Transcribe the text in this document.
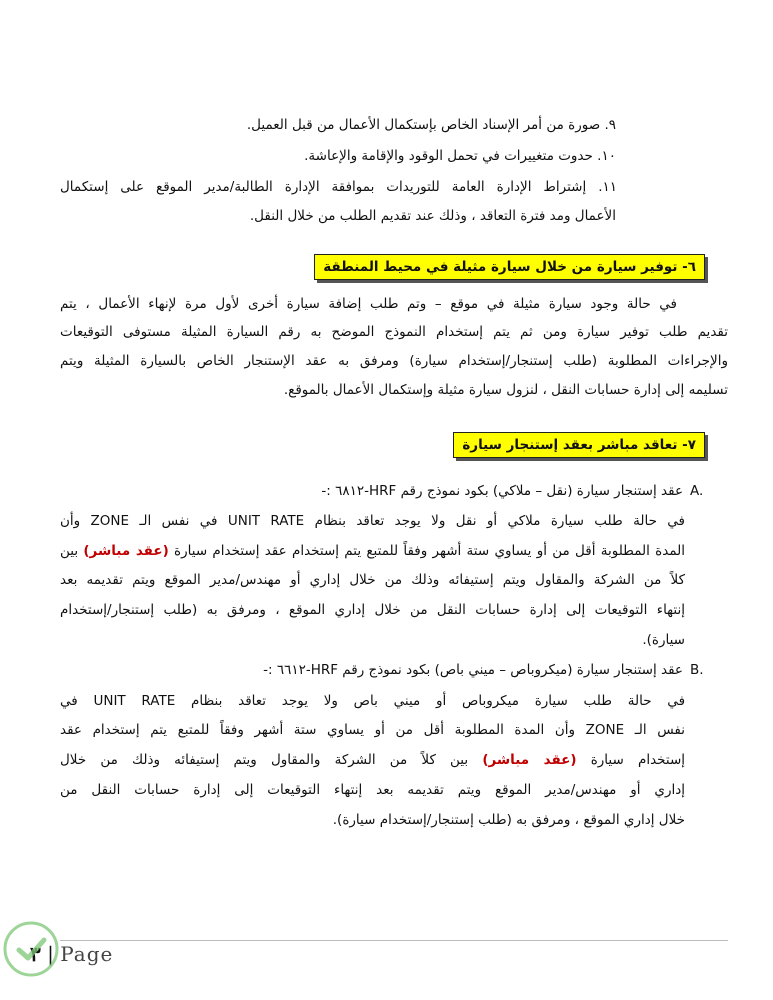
٩. صورة من أمر الإسناد الخاص بإستكمال الأعمال من قبل العميل.
١٠. حدوت متغييرات في تحمل الوقود والإقامة والإعاشة.
١١. إشتراط الإدارة العامة للتوريدات بموافقة الإدارة الطالبة/مدير الموقع على إستكمال
الأعمال ومد فترة التعاقد ، وذلك عند تقديم الطلب من خلال النقل.
٦- توفير سيارة من خلال سيارة مثيلة في محيط المنطقة
في حالة وجود سيارة مثيلة في موقع – وتم طلب إضافة سيارة أخرى لأول مرة لإنهاء الأعمال ، يتم
تقديم طلب توفير سيارة ومن ثم يتم إستخدام النموذج الموضح به رقم السيارة المثيلة مستوفى التوقيعات
والإجراءات المطلوبة (طلب إستنجار/إستخدام سيارة) ومرفق به عقد الإستنجار الخاص بالسيارة المثيلة ويتم
تسليمه إلى إدارة حسابات النقل ، لنزول سيارة مثيلة وإستكمال الأعمال بالموقع.
٧- تعاقد مباشر بعقد إستنجار سيارة
A.
عقد إستنجار سيارة (نقل – ملاكي) بكود نموذج رقم HRF-٦٨١٢ :-
في حالة طلب سيارة ملاكي أو نقل ولا يوجد تعاقد بنظام UNIT RATE في نفس الـ ZONE وأن
المدة المطلوبة أقل من أو يساوي ستة أشهر وفقاً للمتبع يتم إستخدام عقد إستخدام سيارة (عقد مباشر) بين
كلاً من الشركة والمقاول ويتم إستيفائه وذلك من خلال إداري أو مهندس/مدير الموقع ويتم تقديمه بعد
إنتهاء التوقيعات إلى إدارة حسابات النقل من خلال إداري الموقع ، ومرفق به (طلب إستنجار/إستخدام
سيارة).
B.
عقد إستنجار سيارة (ميكروباص – ميني باص) بكود نموذج رقم HRF-٦٦١٢ :-
في حالة طلب سيارة ميكروباص أو ميني باص ولا يوجد تعاقد بنظام UNIT RATE في
نفس الـ ZONE وأن المدة المطلوبة أقل من أو يساوي ستة أشهر وفقاً للمتبع يتم إستخدام عقد
إستخدام سيارة (عقد مباشر) بين كلاً من الشركة والمقاول ويتم إستيفائه وذلك من خلال
إداري أو مهندس/مدير الموقع ويتم تقديمه بعد إنتهاء التوقيعات إلى إدارة حسابات النقل من
خلال إداري الموقع ، ومرفق به (طلب إستنجار/إستخدام سيارة).
٣ | Page
